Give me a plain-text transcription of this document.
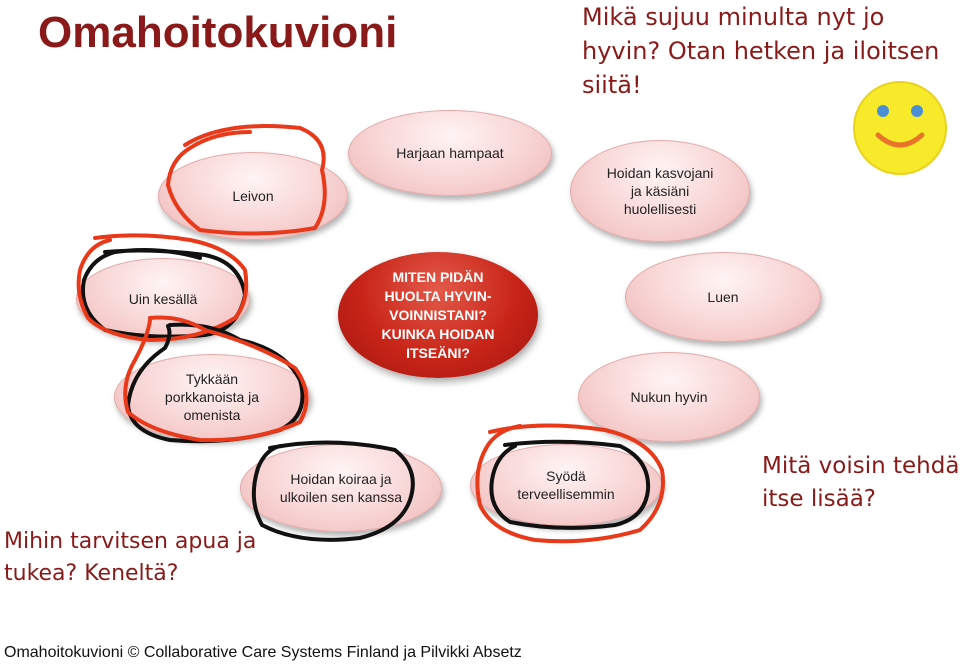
Omahoitokuvioni	Mikä sujuu minulta nyt jo hyvin? Otan hetken ja iloitsen siitä!
Leivon
Harjaan hampaat
Hoidan kasvojani ja käsiäni huolellisesti
Uin kesällä
MITEN PIDÄN HUOLTA HYVIN-VOINNISTANI? KUINKA HOIDAN ITSEÄNI?
Luen
Tykkään porkkanoista ja omenista
Nukun hyvin
Hoidan koiraa ja ulkoilen sen kanssa
Syödä terveellisemmin
Mitä voisin tehdä itse lisää?
Mihin tarvitsen apua ja tukea? Keneltä?
Omahoitokuvioni © Collaborative Care Systems Finland ja Pilvikki Absetz
